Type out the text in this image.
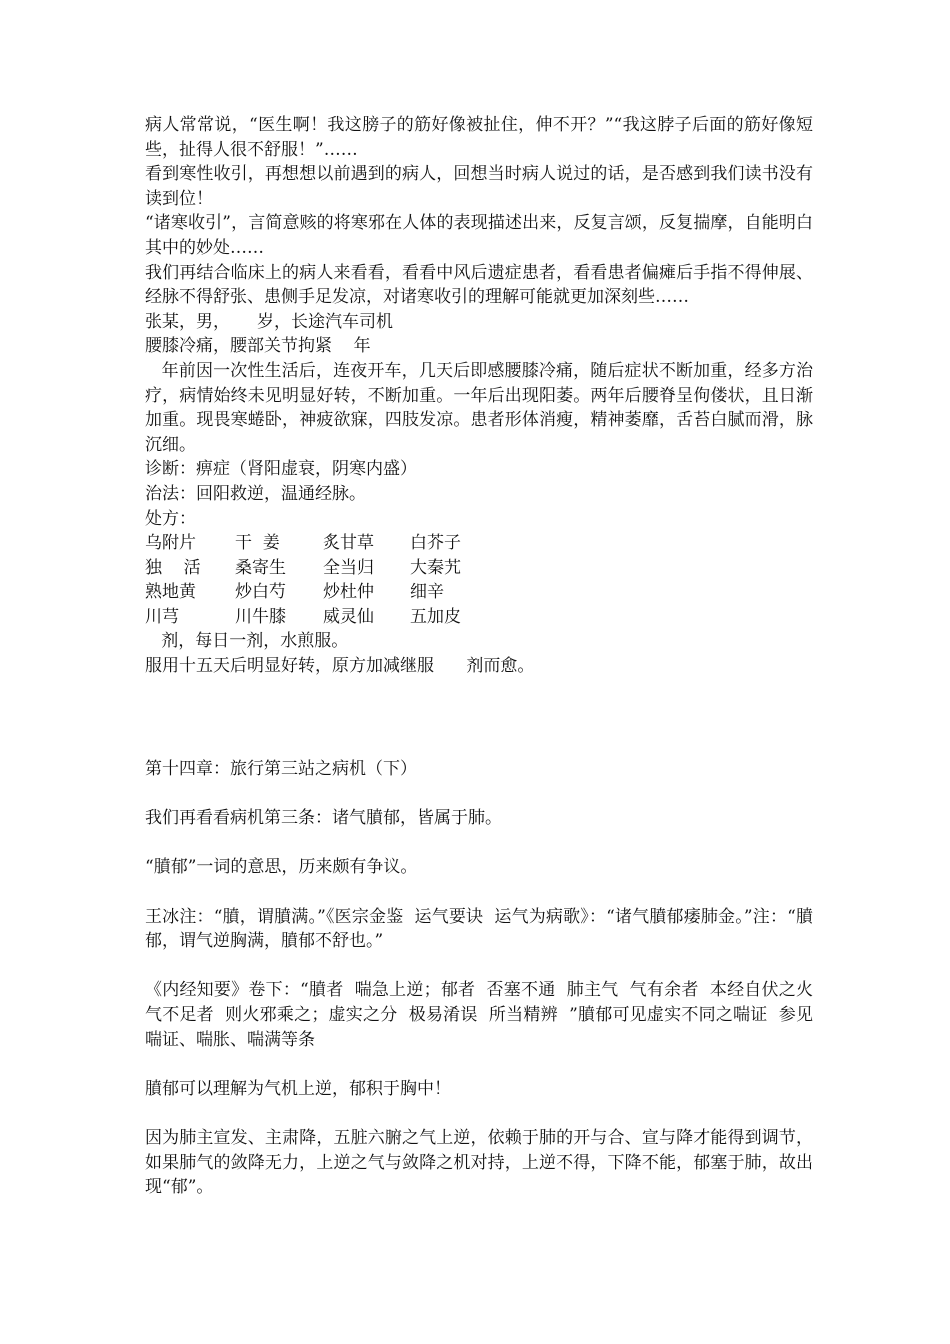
病人常常说，“医生啊！我这膀子的筋好像被扯住，伸不开？”“我这脖子后面的筋好像短些，扯得人很不舒服！”……

看到寒性收引，再想想以前遇到的病人，回想当时病人说过的话，是否感到我们读书没有读到位！

“诸寒收引”，言简意赅的将寒邪在人体的表现描述出来，反复言颂，反复揣摩，自能明白其中的妙处……

我们再结合临床上的病人来看看，看看中风后遗症患者，看看患者偏瘫后手指不得伸展、经脉不得舒张、患侧手足发凉，对诸寒收引的理解可能就更加深刻些……

张某，男，     岁，长途汽车司机

腰膝冷痛，腰部关节拘紧    年

年前因一次性生活后，连夜开车，几天后即感腰膝冷痛，随后症状不断加重，经多方治疗，病情始终未见明显好转，不断加重。一年后出现阳萎。两年后腰脊呈佝偻状，且日渐加重。现畏寒蜷卧，神疲欲寐，四肢发凉。患者形体消瘦，精神萎靡，舌苔白腻而滑，脉沉细。

诊断：痹症（肾阳虚衰，阴寒内盛）

治法：回阳救逆，温通经脉。

处方：

乌附片	干  姜	炙甘草	白芥子
独    活	桑寄生	全当归	大秦艽
熟地黄	炒白芍	炒杜仲	细辛
川芎	川牛膝	威灵仙	五加皮

剂，每日一剂，水煎服。

服用十五天后明显好转，原方加减继服      剂而愈。

第十四章：旅行第三站之病机（下）

我们再看看病机第三条：诸气膹郁，皆属于肺。

“膹郁”一词的意思，历来颇有争议。

王冰注：“膹，谓膹满。”《医宗金鉴  运气要诀  运气为病歌》：“诸气膹郁痿肺金。”注：“膹郁，谓气逆胸满，膹郁不舒也。”

《内经知要》卷下：“膹者  喘急上逆；郁者  否塞不通  肺主气  气有余者  本经自伏之火  气不足者  则火邪乘之；虚实之分  极易淆误  所当精辨  ”膹郁可见虚实不同之喘证  参见喘证、喘胀、喘满等条

膹郁可以理解为气机上逆，郁积于胸中！

因为肺主宣发、主肃降，五脏六腑之气上逆，依赖于肺的开与合、宣与降才能得到调节，如果肺气的敛降无力，上逆之气与敛降之机对持，上逆不得，下降不能，郁塞于肺，故出现“郁”。
